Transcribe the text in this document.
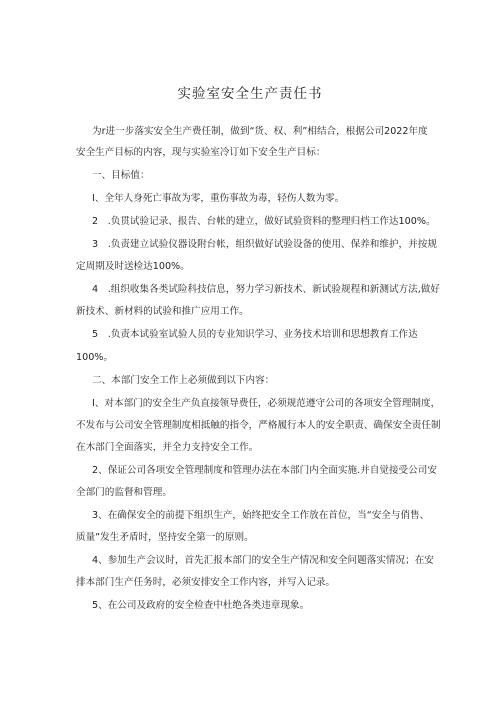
实验室安全生产责任书
为r进一步落实安全生产费任制，做到“货、权、利”相结合，根据公司2022年度
安全生产目标的内容，现与实验室冷订如下安全生产目标：
一、目标值：
I、全年人身死亡事故为零，重伤事故为毒，轻伤人数为零。
2　.负贯试验记录、报告、台帐的建立，做好试验资料的整理归档工作达100%。
3　.负责建立试验仪器设附台帐，组织做好试验设备的使用、保养和维护，并按规
定周期及时送检达100%。
4　.组织收集各类试险科技信息，努力学习新技术、新试验规程和新测试方法,做好
新技术、新材料的试验和推广应用工作。
5　.负责本试验室试验人员的专业知识学习、业务技术培训和思想教育工作达
100%。
二、本部门安全工作上必须做到以下内容：
I、对本部门的安全生产负直接领导费任，必须规范遵守公司的各项安全管理制度，
不发布与公司安全管理制度相抵触的指令，严格履行本人的安全职责、确保安全责任制
在木部门全面落实，并全力支持安全工作。
2、保证公司各项安全管理制度和管理办法在本部门内全面实施.并自觉接受公司安
全部门的监督和管理。
3、在确保安全的前提下组织生产，始终把安全工作放在首位，当“安全与俏售、
质量”发生矛盾时，坚持安全第一的原则。
4、参加生产会议时，首先汇报本部门的安全生产情况和安全问题落实情况；在安
排本部门生产任务时，必须安排安全工作内容，并写入记录。
5、在公司及政府的安全检查中杜绝各类违章现象。
